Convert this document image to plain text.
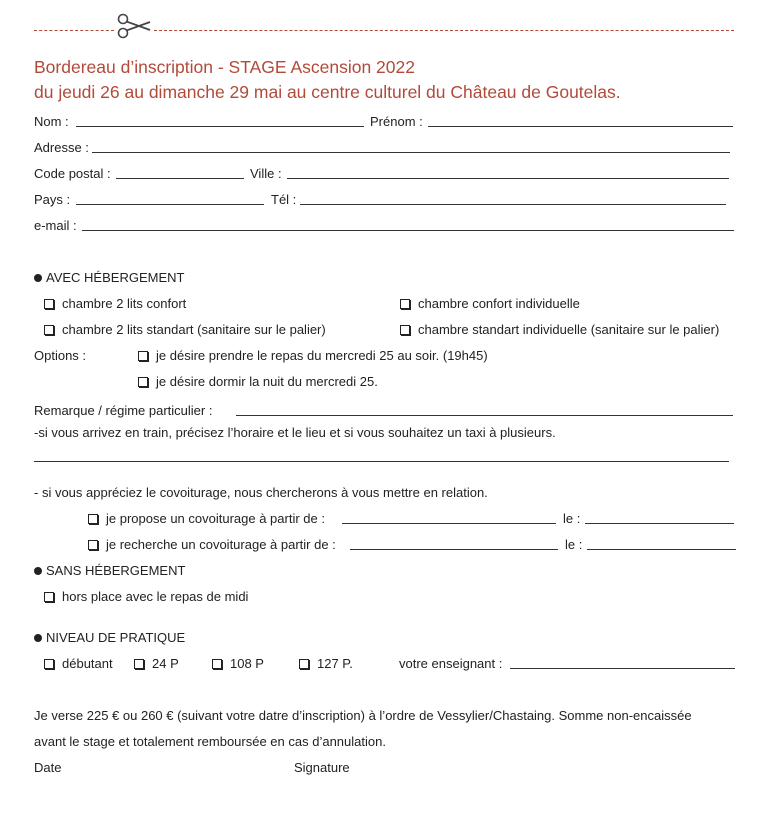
Bordereau d’inscription - STAGE Ascension 2022
du jeudi 26 au dimanche 29 mai au centre culturel du Château de Goutelas.
Nom :	Prénom :
Adresse :
Code postal :	Ville :
Pays :	Tél :
e-mail :
AVEC HÉBERGEMENT
chambre 2 lits confort	chambre confort individuelle
chambre 2 lits standart (sanitaire sur le palier)	chambre standart individuelle (sanitaire sur le palier)
Options :	je désire prendre le repas du mercredi 25 au soir. (19h45)
je désire dormir la nuit du mercredi 25.
Remarque / régime particulier :
-si vous arrivez en train, précisez l’horaire et le lieu et si vous souhaitez un taxi à plusieurs.
- si vous appréciez le covoiturage, nous chercherons à vous mettre en relation.
je propose un covoiturage à partir de :	le :
je recherche un covoiturage à partir de :	le :
SANS HÉBERGEMENT
hors place avec le repas de midi
NIVEAU DE PRATIQUE
débutant	24 P	108 P	127 P.	votre enseignant :
Je verse 225 € ou 260 € (suivant votre datre d’inscription) à l’ordre de Vessylier/Chastaing. Somme non-encaissée
avant le stage et totalement remboursée en cas d’annulation.
Date	Signature
